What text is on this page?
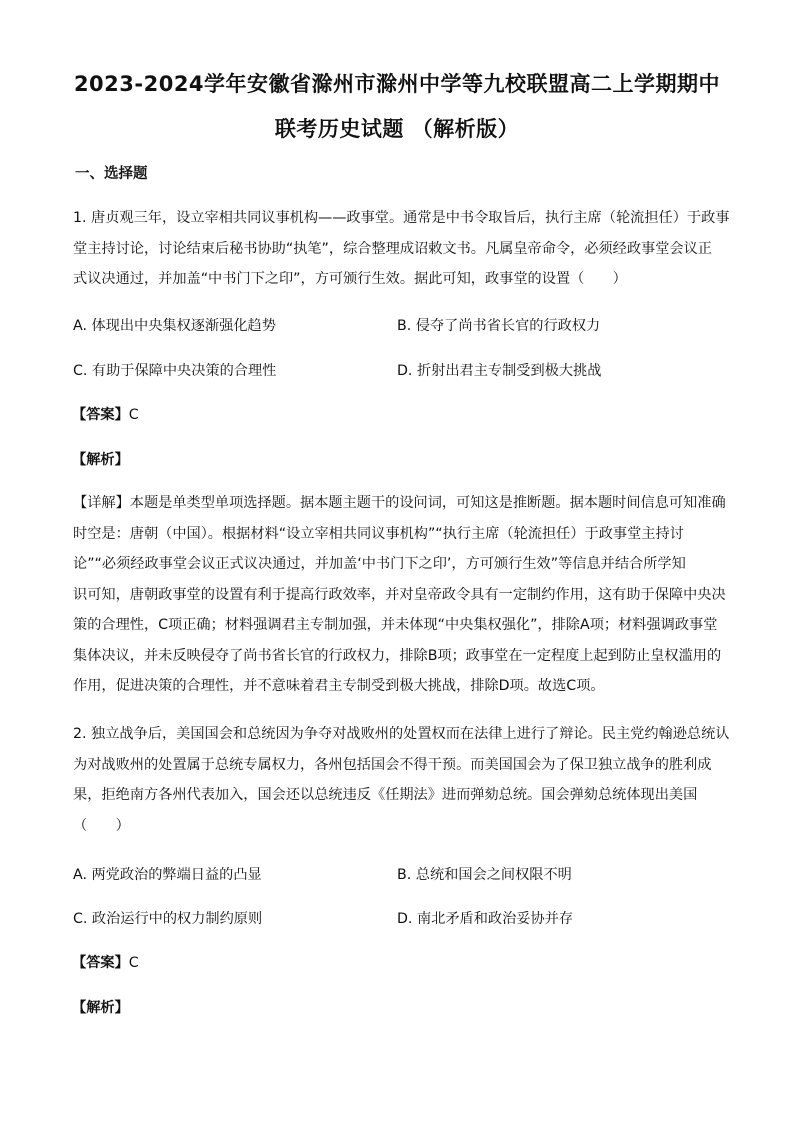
2023-2024学年安徽省滁州市滁州中学等九校联盟高二上学期期中
联考历史试题 （解析版）
一、选择题
1. 唐贞观三年，设立宰相共同议事机构——政事堂。通常是中书令取旨后，执行主席（轮流担任）于政事
堂主持讨论，讨论结束后秘书协助“执笔”，综合整理成诏敕文书。凡属皇帝命令，必须经政事堂会议正
式议决通过，并加盖“中书门下之印”，方可颁行生效。据此可知，政事堂的设置（　　）
A. 体现出中央集权逐渐强化趋势	B. 侵夺了尚书省长官的行政权力
C. 有助于保障中央决策的合理性	D. 折射出君主专制受到极大挑战
【答案】C
【解析】
【详解】本题是单类型单项选择题。据本题主题干的设问词，可知这是推断题。据本题时间信息可知准确
时空是：唐朝（中国）。根据材料“设立宰相共同议事机构”“执行主席（轮流担任）于政事堂主持讨
论”“必须经政事堂会议正式议决通过，并加盖‘中书门下之印’，方可颁行生效”等信息并结合所学知
识可知，唐朝政事堂的设置有利于提高行政效率，并对皇帝政令具有一定制约作用，这有助于保障中央决
策的合理性，C项正确；材料强调君主专制加强，并未体现“中央集权强化”，排除A项；材料强调政事堂
集体决议，并未反映侵夺了尚书省长官的行政权力，排除B项；政事堂在一定程度上起到防止皇权滥用的
作用，促进决策的合理性，并不意味着君主专制受到极大挑战，排除D项。故选C项。
2. 独立战争后，美国国会和总统因为争夺对战败州的处置权而在法律上进行了辩论。民主党约翰逊总统认
为对战败州的处置属于总统专属权力，各州包括国会不得干预。而美国国会为了保卫独立战争的胜利成
果，拒绝南方各州代表加入，国会还以总统违反《任期法》进而弹劾总统。国会弹劾总统体现出美国
（　　）
A. 两党政治的弊端日益的凸显	B. 总统和国会之间权限不明
C. 政治运行中的权力制约原则	D. 南北矛盾和政治妥协并存
【答案】C
【解析】
